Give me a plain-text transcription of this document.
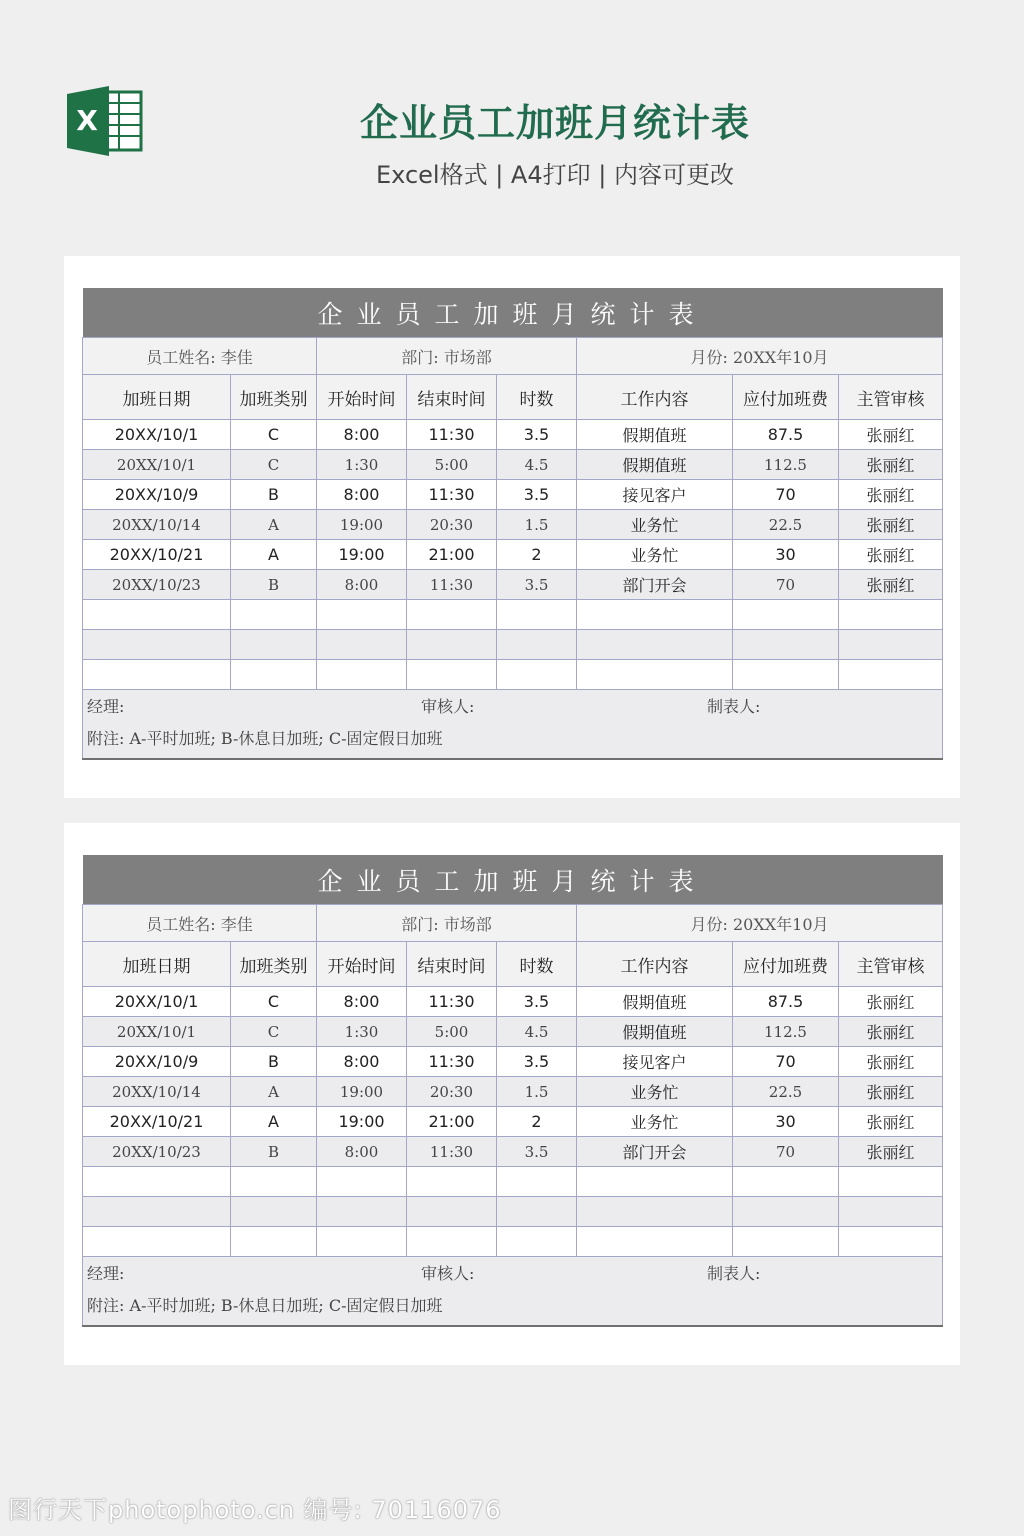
X	企业员工加班月统计表
Excel格式 | A4打印 | 内容可更改
企业员工加班月统计表							
员工姓名: 李佳		部门: 市场部			月份: 20XX年10月		
加班日期	加班类别	开始时间	结束时间	时数	工作内容	应付加班费	主管审核
20XX/10/1	C	8:00	11:30	3.5	假期值班	87.5	张丽红
20XX/10/1	C	1:30	5:00	4.5	假期值班	112.5	张丽红
20XX/10/9	B	8:00	11:30	3.5	接见客户	70	张丽红
20XX/10/14	A	19:00	20:30	1.5	业务忙	22.5	张丽红
20XX/10/21	A	19:00	21:00	2	业务忙	30	张丽红
20XX/10/23	B	8:00	11:30	3.5	部门开会	70	张丽红

经理: 审核人: 制表人:
附注: A-平时加班; B-休息日加班; C-固定假日加班							
企业员工加班月统计表							
员工姓名: 李佳		部门: 市场部			月份: 20XX年10月		
加班日期	加班类别	开始时间	结束时间	时数	工作内容	应付加班费	主管审核
20XX/10/1	C	8:00	11:30	3.5	假期值班	87.5	张丽红
20XX/10/1	C	1:30	5:00	4.5	假期值班	112.5	张丽红
20XX/10/9	B	8:00	11:30	3.5	接见客户	70	张丽红
20XX/10/14	A	19:00	20:30	1.5	业务忙	22.5	张丽红
20XX/10/21	A	19:00	21:00	2	业务忙	30	张丽红
20XX/10/23	B	8:00	11:30	3.5	部门开会	70	张丽红

经理: 审核人: 制表人:
附注: A-平时加班; B-休息日加班; C-固定假日加班							
图行天下photophoto.cn 编号: 70116076
